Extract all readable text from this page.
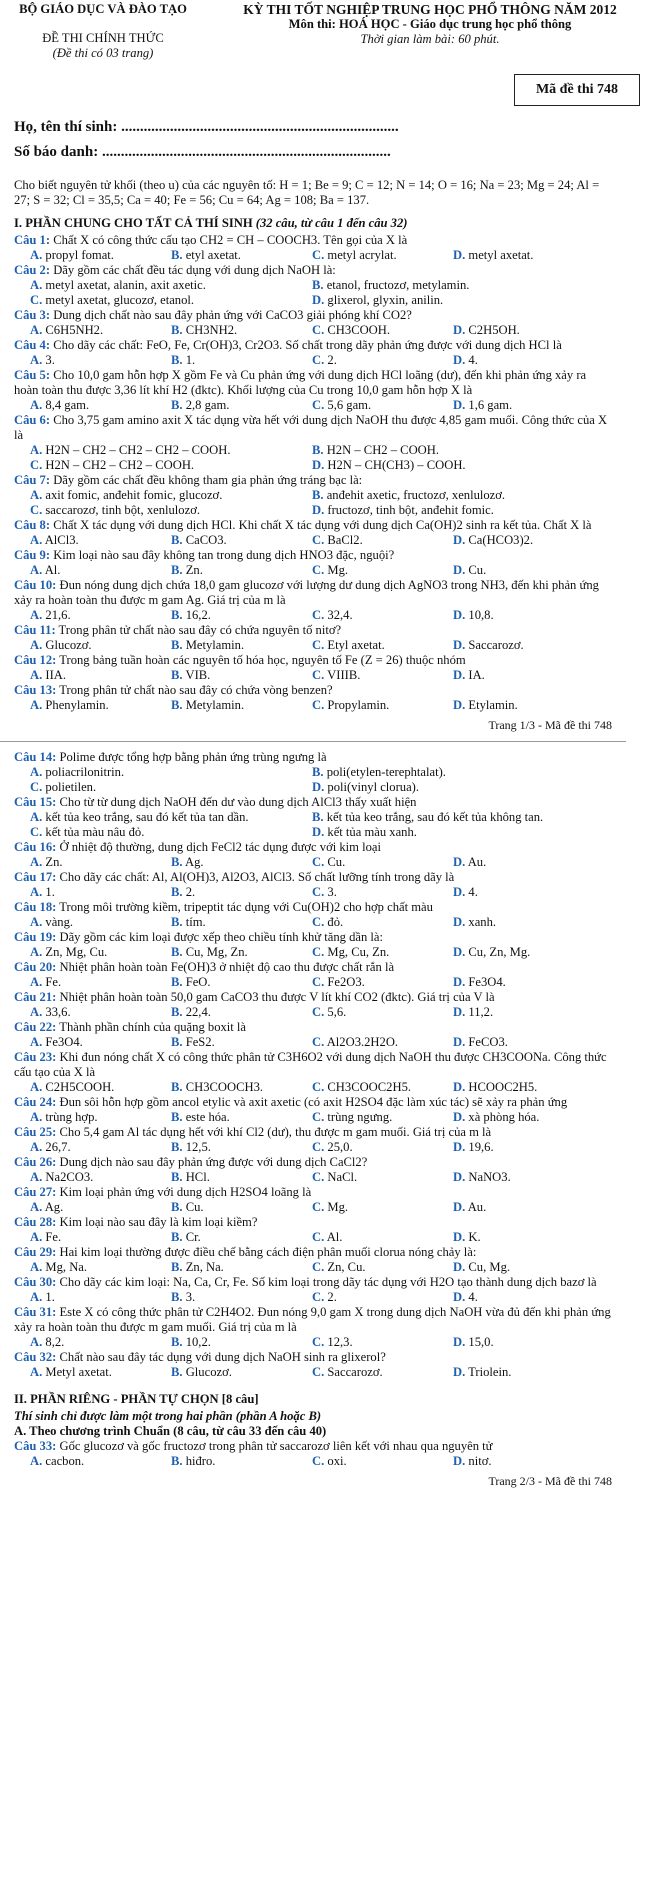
BỘ GIÁO DỤC VÀ ĐÀO TẠO
ĐỀ THI CHÍNH THỨC
(Đề thi có 03 trang)
KỲ THI TỐT NGHIỆP TRUNG HỌC PHỔ THÔNG NĂM 2012
Môn thi: HOÁ HỌC - Giáo dục trung học phổ thông
Thời gian làm bài: 60 phút.
Mã đề thi 748
Họ, tên thí sinh: ..........................................................................
Số báo danh: .............................................................................

Cho biết nguyên tử khối (theo u) của các nguyên tố: H = 1; Be = 9; C = 12; N = 14; O = 16; Na = 23; Mg = 24; Al = 27; S = 32; Cl = 35,5; Ca = 40; Fe = 56; Cu = 64; Ag = 108; Ba = 137.

I. PHẦN CHUNG CHO TẤT CẢ THÍ SINH (32 câu, từ câu 1 đến câu 32)

Câu 1: Chất X có công thức cấu tạo CH2 = CH – COOCH3. Tên gọi của X là

A. propyl fomat.	B. etyl axetat.	C. metyl acrylat.	D. metyl axetat.

Câu 2: Dãy gồm các chất đều tác dụng với dung dịch NaOH là:

A. metyl axetat, alanin, axit axetic.	B. etanol, fructozơ, metylamin.
C. metyl axetat, glucozơ, etanol.	D. glixerol, glyxin, anilin.

Câu 3: Dung dịch chất nào sau đây phản ứng với CaCO3 giải phóng khí CO2?

A. C6H5NH2.	B. CH3NH2.	C. CH3COOH.	D. C2H5OH.

Câu 4: Cho dãy các chất: FeO, Fe, Cr(OH)3, Cr2O3. Số chất trong dãy phản ứng được với dung dịch HCl là

A. 3.	B. 1.	C. 2.	D. 4.

Câu 5: Cho 10,0 gam hỗn hợp X gồm Fe và Cu phản ứng với dung dịch HCl loãng (dư), đến khi phản ứng xảy ra hoàn toàn thu được 3,36 lít khí H2 (đktc). Khối lượng của Cu trong 10,0 gam hỗn hợp X là

A. 8,4 gam.	B. 2,8 gam.	C. 5,6 gam.	D. 1,6 gam.

Câu 6: Cho 3,75 gam amino axit X tác dụng vừa hết với dung dịch NaOH thu được 4,85 gam muối. Công thức của X là

A. H2N – CH2 – CH2 – CH2 – COOH.	B. H2N – CH2 – COOH.
C. H2N – CH2 – CH2 – COOH.	D. H2N – CH(CH3) – COOH.

Câu 7: Dãy gồm các chất đều không tham gia phản ứng tráng bạc là:

A. axit fomic, anđehit fomic, glucozơ.	B. anđehit axetic, fructozơ, xenlulozơ.
C. saccarozơ, tinh bột, xenlulozơ.	D. fructozơ, tinh bột, anđehit fomic.

Câu 8: Chất X tác dụng với dung dịch HCl. Khi chất X tác dụng với dung dịch Ca(OH)2 sinh ra kết tủa. Chất X là

A. AlCl3.	B. CaCO3.	C. BaCl2.	D. Ca(HCO3)2.

Câu 9: Kim loại nào sau đây không tan trong dung dịch HNO3 đặc, nguội?

A. Al.	B. Zn.	C. Mg.	D. Cu.

Câu 10: Đun nóng dung dịch chứa 18,0 gam glucozơ với lượng dư dung dịch AgNO3 trong NH3, đến khi phản ứng xảy ra hoàn toàn thu được m gam Ag. Giá trị của m là

A. 21,6.	B. 16,2.	C. 32,4.	D. 10,8.

Câu 11: Trong phân tử chất nào sau đây có chứa nguyên tố nitơ?

A. Glucozơ.	B. Metylamin.	C. Etyl axetat.	D. Saccarozơ.

Câu 12: Trong bảng tuần hoàn các nguyên tố hóa học, nguyên tố Fe (Z = 26) thuộc nhóm

A. IIA.	B. VIB.	C. VIIIB.	D. IA.

Câu 13: Trong phân tử chất nào sau đây có chứa vòng benzen?

A. Phenylamin.	B. Metylamin.	C. Propylamin.	D. Etylamin.
Trang 1/3 - Mã đề thi 748

Câu 14: Polime được tổng hợp bằng phản ứng trùng ngưng là

A. poliacrilonitrin.	B. poli(etylen-terephtalat).
C. polietilen.	D. poli(vinyl clorua).

Câu 15: Cho từ từ dung dịch NaOH đến dư vào dung dịch AlCl3 thấy xuất hiện

A. kết tủa keo trắng, sau đó kết tủa tan dần.	B. kết tủa keo trắng, sau đó kết tủa không tan.
C. kết tủa màu nâu đỏ.	D. kết tủa màu xanh.

Câu 16: Ở nhiệt độ thường, dung dịch FeCl2 tác dụng được với kim loại

A. Zn.	B. Ag.	C. Cu.	D. Au.

Câu 17: Cho dãy các chất: Al, Al(OH)3, Al2O3, AlCl3. Số chất lưỡng tính trong dãy là

A. 1.	B. 2.	C. 3.	D. 4.

Câu 18: Trong môi trường kiềm, tripeptit tác dụng với Cu(OH)2 cho hợp chất màu

A. vàng.	B. tím.	C. đỏ.	D. xanh.

Câu 19: Dãy gồm các kim loại được xếp theo chiều tính khử tăng dần là:

A. Zn, Mg, Cu.	B. Cu, Mg, Zn.	C. Mg, Cu, Zn.	D. Cu, Zn, Mg.

Câu 20: Nhiệt phân hoàn toàn Fe(OH)3 ở nhiệt độ cao thu được chất rắn là

A. Fe.	B. FeO.	C. Fe2O3.	D. Fe3O4.

Câu 21: Nhiệt phân hoàn toàn 50,0 gam CaCO3 thu được V lít khí CO2 (đktc). Giá trị của V là

A. 33,6.	B. 22,4.	C. 5,6.	D. 11,2.

Câu 22: Thành phần chính của quặng boxit là

A. Fe3O4.	B. FeS2.	C. Al2O3.2H2O.	D. FeCO3.

Câu 23: Khi đun nóng chất X có công thức phân tử C3H6O2 với dung dịch NaOH thu được CH3COONa. Công thức cấu tạo của X là

A. C2H5COOH.	B. CH3COOCH3.	C. CH3COOC2H5.	D. HCOOC2H5.

Câu 24: Đun sôi hỗn hợp gồm ancol etylic và axit axetic (có axit H2SO4 đặc làm xúc tác) sẽ xảy ra phản ứng

A. trùng hợp.	B. este hóa.	C. trùng ngưng.	D. xà phòng hóa.

Câu 25: Cho 5,4 gam Al tác dụng hết với khí Cl2 (dư), thu được m gam muối. Giá trị của m là

A. 26,7.	B. 12,5.	C. 25,0.	D. 19,6.

Câu 26: Dung dịch nào sau đây phản ứng được với dung dịch CaCl2?

A. Na2CO3.	B. HCl.	C. NaCl.	D. NaNO3.

Câu 27: Kim loại phản ứng với dung dịch H2SO4 loãng là

A. Ag.	B. Cu.	C. Mg.	D. Au.

Câu 28: Kim loại nào sau đây là kim loại kiềm?

A. Fe.	B. Cr.	C. Al.	D. K.

Câu 29: Hai kim loại thường được điều chế bằng cách điện phân muối clorua nóng chảy là:

A. Mg, Na.	B. Zn, Na.	C. Zn, Cu.	D. Cu, Mg.

Câu 30: Cho dãy các kim loại: Na, Ca, Cr, Fe. Số kim loại trong dãy tác dụng với H2O tạo thành dung dịch bazơ là

A. 1.	B. 3.	C. 2.	D. 4.

Câu 31: Este X có công thức phân tử C2H4O2. Đun nóng 9,0 gam X trong dung dịch NaOH vừa đủ đến khi phản ứng xảy ra hoàn toàn thu được m gam muối. Giá trị của m là

A. 8,2.	B. 10,2.	C. 12,3.	D. 15,0.

Câu 32: Chất nào sau đây tác dụng với dung dịch NaOH sinh ra glixerol?

A. Metyl axetat.	B. Glucozơ.	C. Saccarozơ.	D. Triolein.
II. PHẦN RIÊNG - PHẦN TỰ CHỌN [8 câu]
Thí sinh chỉ được làm một trong hai phần (phần A hoặc B)
A. Theo chương trình Chuẩn (8 câu, từ câu 33 đến câu 40)

Câu 33: Gốc glucozơ và gốc fructozơ trong phân tử saccarozơ liên kết với nhau qua nguyên tử

A. cacbon.	B. hiđro.	C. oxi.	D. nitơ.
Trang 2/3 - Mã đề thi 748
